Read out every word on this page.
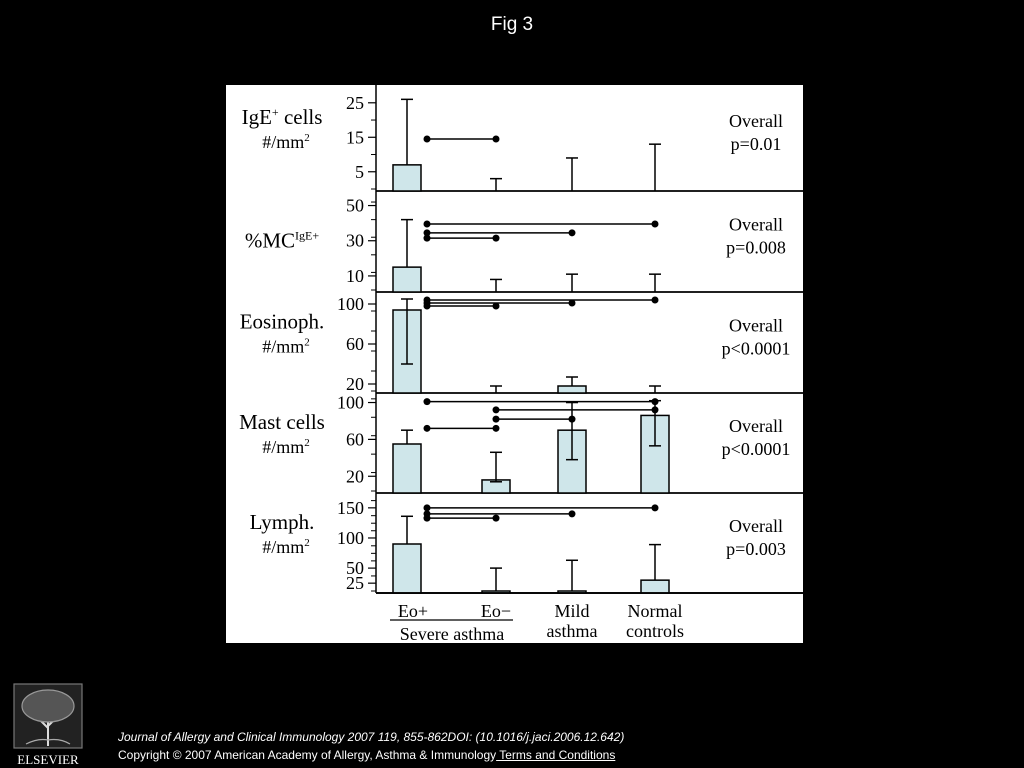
Fig 3
5
15
25
IgE+ cells
$\#/mm^2$
Overall
p=0.01
10
30
50
$\%MC^{IgE+}$
Overall
p=0.008
20
60
100
Eosinoph.
$\#/mm^2$
Overall
p<0.0001
20
60
100
Mast cells
$\#/mm^2$
Overall
p<0.0001
25
50
100
150
Lymph.
$\#/mm^2$
Overall
p=0.003
Eo+	Eo− Mild
asthma
Normal
controls
Severe asthma
ELSEVIER
Journal of Allergy and Clinical Immunology 2007 119, 855-862DOI: (10.1016/j.jaci.2006.12.642)
Copyright © 2007 American Academy of Allergy, Asthma & Immunology Terms and Conditions
